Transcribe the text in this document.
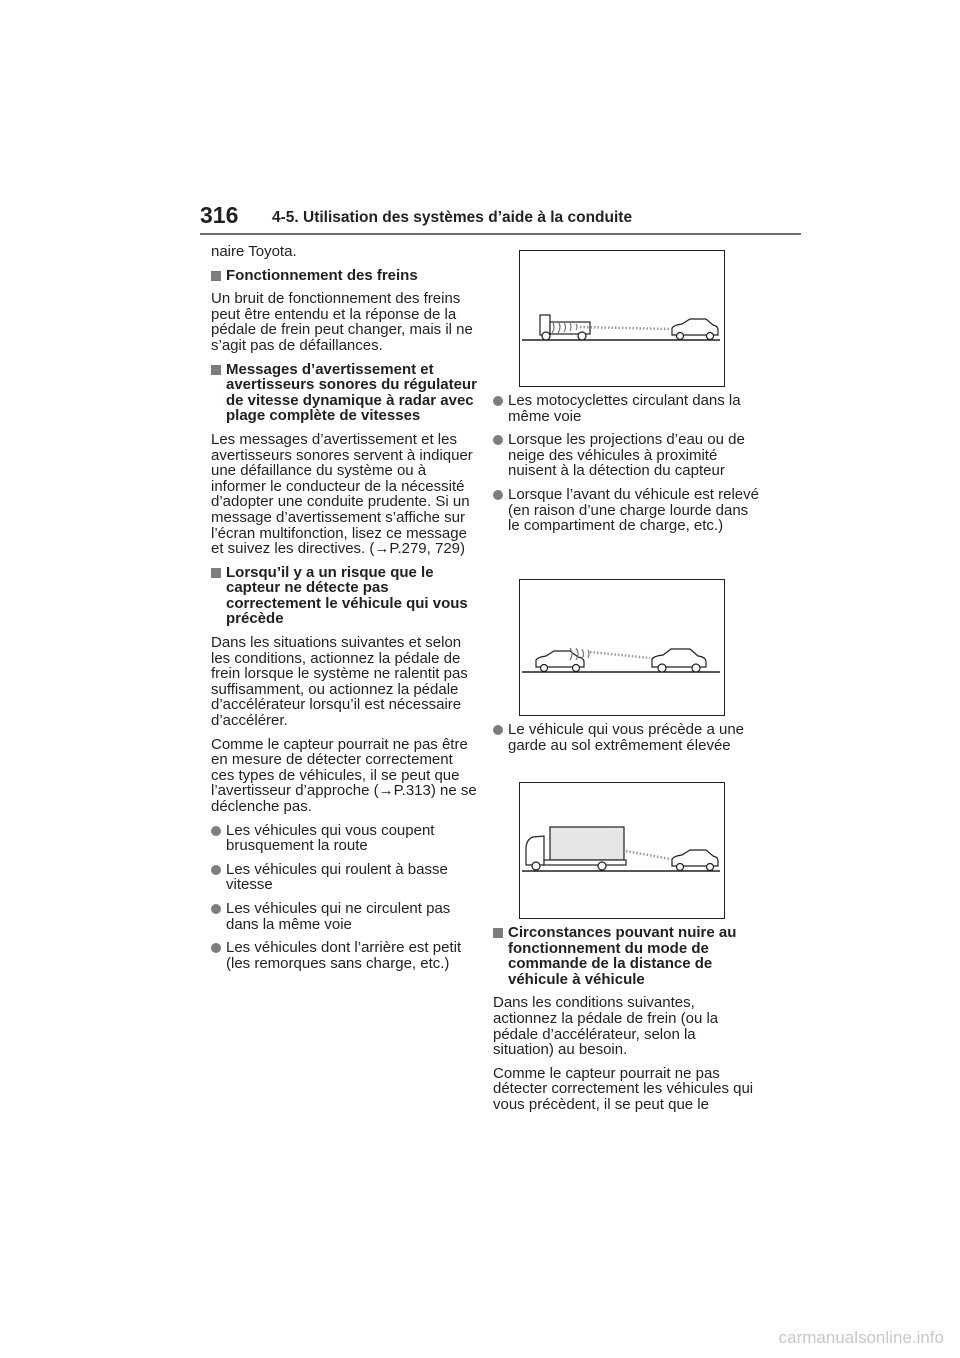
316 4-5. Utilisation des systèmes d’aide à la conduite

naire Toyota.

Fonctionnement des freins

Un bruit de fonctionnement des freins peut être entendu et la réponse de la pédale de frein peut changer, mais il ne s’agit pas de défaillances.

Messages d’avertissement et avertisseurs sonores du régulateur de vitesse dynamique à radar avec plage complète de vitesses

Les messages d’avertissement et les avertisseurs sonores servent à indiquer une défaillance du système ou à informer le conducteur de la nécessité d’adopter une conduite prudente. Si un message d’avertissement s’affiche sur l’écran multifonction, lisez ce message et suivez les directives. (→P.279, 729)

Lorsqu’il y a un risque que le capteur ne détecte pas correctement le véhicule qui vous précède

Dans les situations suivantes et selon les conditions, actionnez la pédale de frein lorsque le système ne ralentit pas suffisamment, ou actionnez la pédale d’accélérateur lorsqu’il est nécessaire d’accélérer.

Comme le capteur pourrait ne pas être en mesure de détecter correctement ces types de véhicules, il se peut que l’avertisseur d’approche (→P.313) ne se déclenche pas.

Les véhicules qui vous coupent brusquement la route
Les véhicules qui roulent à basse vitesse
Les véhicules qui ne circulent pas dans la même voie
Les véhicules dont l’arrière est petit (les remorques sans charge, etc.)
Les motocyclettes circulant dans la même voie
Lorsque les projections d’eau ou de neige des véhicules à proximité nuisent à la détection du capteur
Lorsque l’avant du véhicule est relevé (en raison d’une charge lourde dans le compartiment de charge, etc.)
Le véhicule qui vous précède a une garde au sol extrêmement élevée
Circonstances pouvant nuire au fonctionnement du mode de commande de la distance de véhicule à véhicule

Dans les conditions suivantes, actionnez la pédale de frein (ou la pédale d’accélérateur, selon la situation) au besoin.

Comme le capteur pourrait ne pas détecter correctement les véhicules qui vous précèdent, il se peut que le

carmanualsonline.info
